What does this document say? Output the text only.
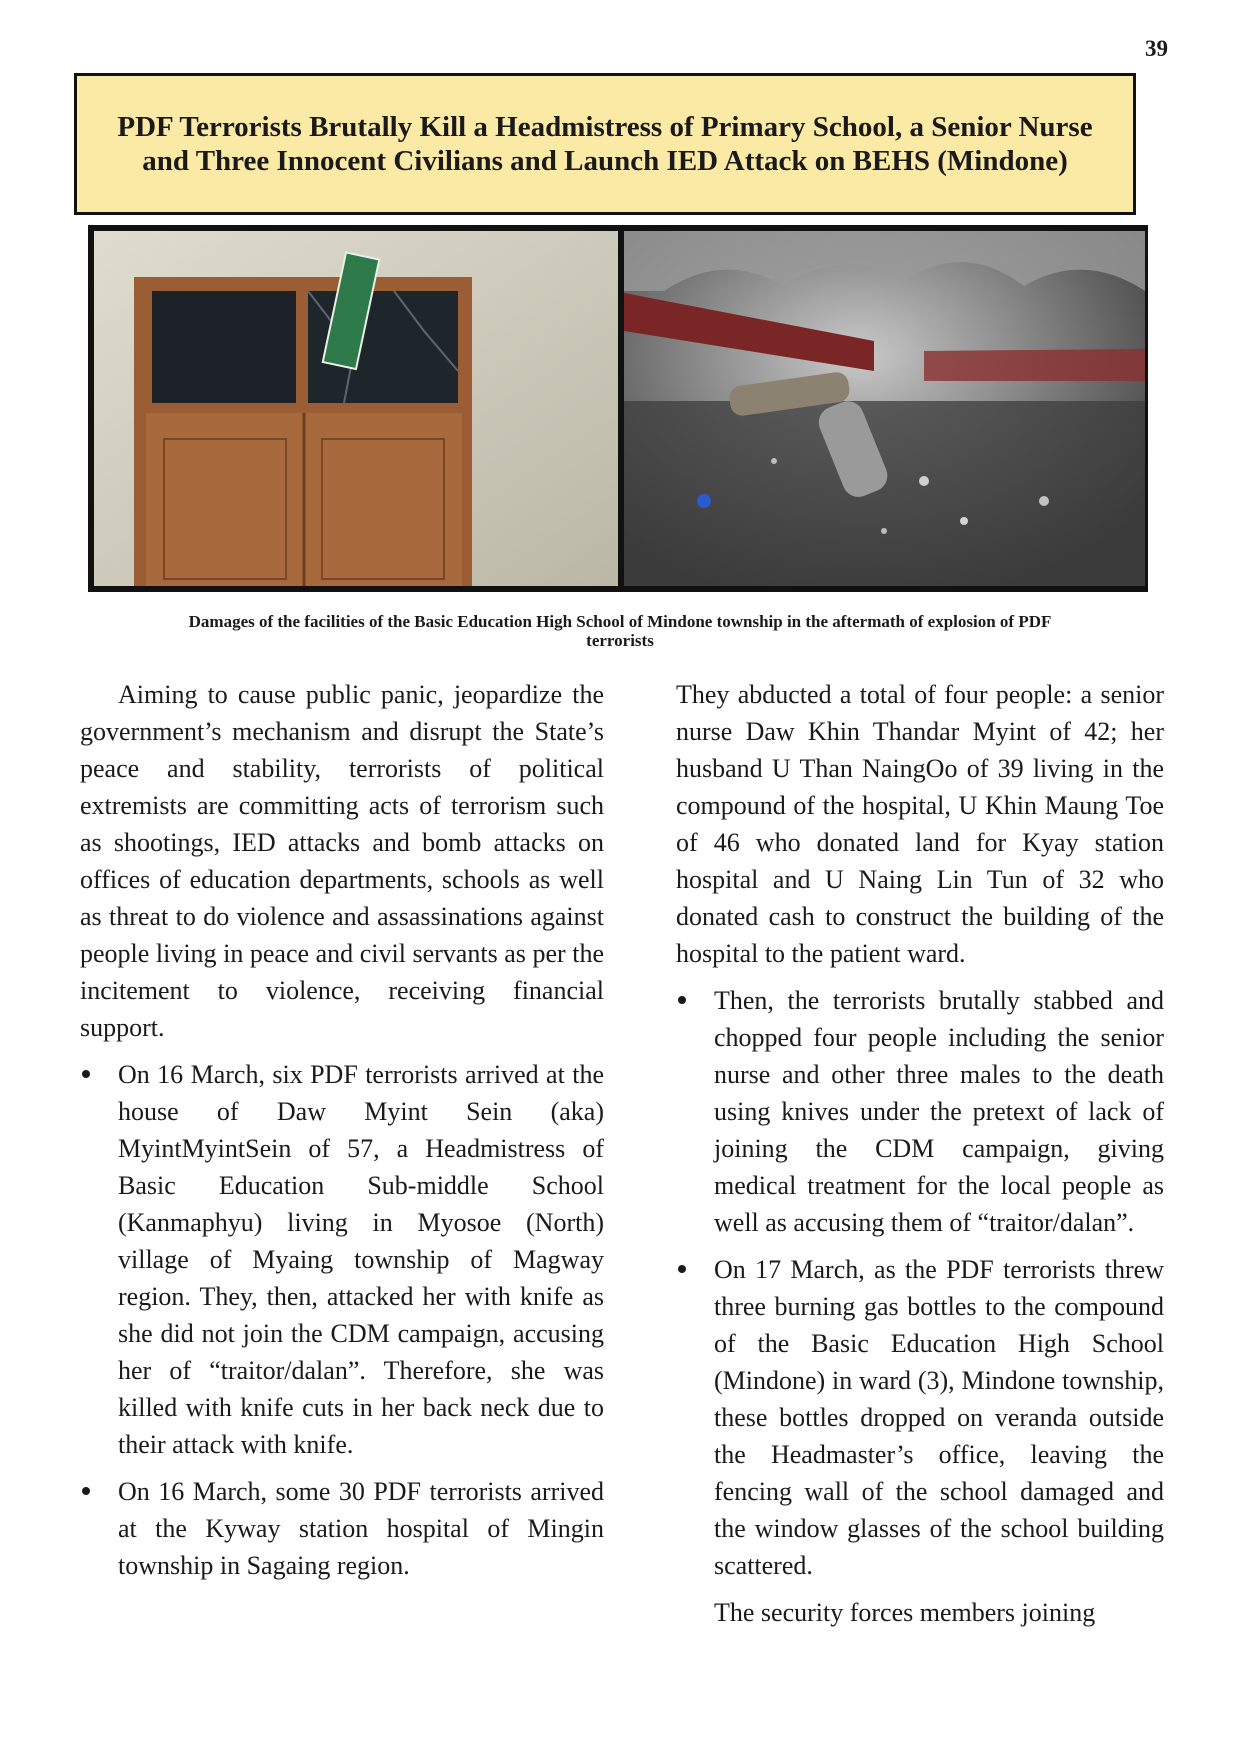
39
PDF Terrorists Brutally Kill a Headmistress of Primary School, a Senior Nurse
and Three Innocent Civilians and Launch IED Attack on BEHS (Mindone)
Damages of the facilities of the Basic Education High School of Mindone township in the aftermath of explosion of PDF
terrorists

Aiming to cause public panic, jeopardize the government’s mechanism and disrupt the State’s peace and stability, terrorists of political extremists are committing acts of terrorism such as shootings, IED attacks and bomb attacks on offices of education departments, schools as well as threat to do violence and assassinations against people living in peace and civil servants as per the incitement to violence, receiving financial support.

On 16 March, six PDF terrorists arrived at the house of Daw Myint Sein (aka) MyintMyintSein of 57, a Headmistress of Basic Education Sub-middle School (Kanmaphyu) living in Myosoe (North) village of Myaing township of Magway region. They, then, attacked her with knife as she did not join the CDM campaign, accusing her of “traitor/dalan”. Therefore, she was killed with knife cuts in her back neck due to their attack with knife.
On 16 March, some 30 PDF terrorists arrived at the Kyway station hospital of Mingin township in Sagaing region.

They abducted a total of four people: a senior nurse Daw Khin Thandar Myint of 42; her husband U Than NaingOo of 39 living in the compound of the hospital, U Khin Maung Toe of 46 who donated land for Kyay station hospital and U Naing Lin Tun of 32 who donated cash to construct the building of the hospital to the patient ward.

Then, the terrorists brutally stabbed and chopped four people including the senior nurse and other three males to the death using knives under the pretext of lack of joining the CDM campaign, giving medical treatment for the local people as well as accusing them of “traitor/dalan”.
On 17 March, as the PDF terrorists threw three burning gas bottles to the compound of the Basic Education High School (Mindone) in ward (3), Mindone township, these bottles dropped on veranda outside the Headmaster’s office, leaving the fencing wall of the school damaged and the window glasses of the school building scattered.

The security forces members joining
